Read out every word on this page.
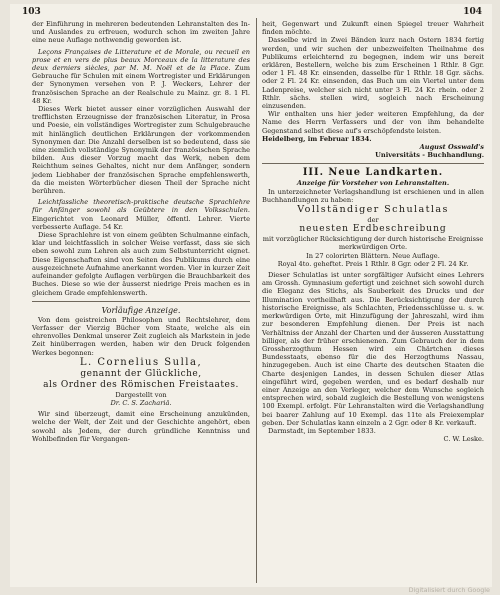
103	104

der Einführung in mehreren bedeutenden Lehranstalten des In- und Auslandes zu erfreuen, wodurch schon im zweiten Jahre eine neue Auflage nothwendig geworden ist.

Leçons Françaises de Litterature et de Morale, ou recueil en prose et en vers de plus beaux Morceaux de la litterature des deux derniers siècles, par M. M. Noël et de la Place. Zum Gebrauche für Schulen mit einem Wortregister und Erklärungen der Synonymen versehen von P. J. Weckers, Lehrer der französischen Sprache an der Realschule zu Mainz. gr. 8. 1 Fl. 48 Kr.

Dieses Werk bietet ausser einer vorzüglichen Auswahl der trefflichsten Erzeugnisse der französischen Literatur, in Prosa und Poesie, ein vollständiges Wortregister zum Schulgebrauche mit hinlänglich deutlichen Erklärungen der vorkommenden Synonymen dar. Die Anzahl derselben ist so bedeutend, dass sie eine ziemlich vollständige Synonymik der französischen Sprache bilden. Aus dieser Vorzug macht das Werk, neben dem Reichthum seines Gehaltes, nicht nur dem Anfänger, sondern jedem Liebhaber der französischen Sprache empfehlenswerth, da die meisten Wörterbücher diesen Theil der Sprache nicht berühren.

Leichtfassliche theoretisch-praktische deutsche Sprachlehre für Anfänger sowohl als Geübtere in den Volksschulen. Eingerichtet von Leonard Müller, öffentl. Lehrer. Vierte verbesserte Auflage. 54 Kr.

Diese Sprachlehre ist von einem geübten Schulmanne einfach, klar und leichtfasslich in solcher Weise verfasst, dass sie sich eben sowohl zum Lehren als auch zum Selbstunterricht eignet. Diese Eigenschaften sind von Seiten des Publikums durch eine ausgezeichnete Aufnahme anerkannt worden. Vier in kurzer Zeit aufeinander gefolgte Auflagen verbürgen die Brauchbarkeit des Buches. Diese so wie der äusserst niedrige Preis machen es in gleichem Grade empfehlenswerth.

Vorläufige Anzeige.

Von dem geistreichen Philosophen und Rechtslehrer, dem Verfasser der Vierzig Bücher vom Staate, welche als ein ehrenvolles Denkmal unserer Zeit zugleich als Markstein in jede Zeit hinüberragen werden, haben wir den Druck folgenden Werkes begonnen:

L. Cornelius Sulla,

genannt der Glückliche,

als Ordner des Römischen Freistaates.

Dargestellt von

Dr. C. S. Zachariä.

Wir sind überzeugt, damit eine Erscheinung anzukünden, welche der Welt, der Zeit und der Geschichte angehört, eben sowohl als Jedem, der durch gründliche Kenntniss und Wohlbefinden für Vergangen-

heit, Gegenwart und Zukunft einen Spiegel treuer Wahrheit finden möchte.

Dasselbe wird in Zwei Bänden kurz nach Ostern 1834 fertig werden, und wir suchen der unbezweifelten Theilnahme des Publikums erleichternd zu begegnen, indem wir uns bereit erklären, Bestellern, welche bis zum Erscheinen 1 Rthlr. 8 Ggr. oder 1 Fl. 48 Kr. einsenden, dasselbe für 1 Rthlr. 18 Ggr. sächs. oder 2 Fl. 24 Kr. einsenden, das Buch um ein Viertel unter dem Ladenpreise, welcher sich nicht unter 3 Fl. 24 Kr. rhein. oder 2 Rthlr. sächs. stellen wird, sogleich nach Erscheinung einzusenden.

Wir enthalten uns hier jeder weiteren Empfehlung, da der Name des Herrn Verfassers und der von ihm behandelte Gegenstand selbst diese auf's erschöpfendste leisten.

Heidelberg, im Februar 1834.

August Osswald's

Universitäts - Buchhandlung.

III. Neue Landkarten.

Anzeige für Vorsteher von Lehranstalten.

In unterzeichneter Verlagshandlung ist erschienen und in allen Buchhandlungen zu haben:

Vollständiger Schulatlas

der

neuesten Erdbeschreibung

mit vorzüglicher Rücksichtigung der durch historische Ereignisse merkwürdigen Orte.

In 27 colorirten Blättern. Neue Auflage.

Royal 4to. geheftet. Preis 1 Rthlr. 8 Ggr. oder 2 Fl. 24 Kr.

Dieser Schulatlas ist unter sorgfältiger Aufsicht eines Lehrers am Grossh. Gymnasium gefertigt und zeichnet sich sowohl durch die Eleganz des Stichs, als Sauberkeit des Drucks und der Illumination vortheilhaft aus. Die Berücksichtigung der durch historische Ereignisse, als Schlachten, Friedensschlüsse u. s. w. merkwürdigen Orte, mit Hinzufügung der Jahreszahl, wird ihm zur besonderen Empfehlung dienen. Der Preis ist nach Verhältniss der Anzahl der Charten und der äusseren Ausstattung billiger, als der früher erschienenen. Zum Gebrauch der in dem Grossherzogthum Hessen wird ein Chärtchen dieses Bundesstaats, ebenso für die des Herzogthums Nassau, hinzugegeben. Auch ist eine Charte des deutschen Staaten die Charte desjenigen Landes, in dessen Schulen dieser Atlas eingeführt wird, gegeben werden, und es bedarf deshalb nur einer Anzeige an den Verleger, welcher dem Wunsche sogleich entsprechen wird, sobald zugleich die Bestellung von wenigstens 100 Exempl. erfolgt. Für Lehranstalten wird die Verlagshandlung bei baarer Zahlung auf 10 Exempl. das 11te als Freiexemplar geben. Der Schulatlas kann einzeln a 2 Ggr. oder 8 Kr. verkauft.

Darmstadt, im September 1833.

C. W. Leske.

Digitalisiert durch Google
